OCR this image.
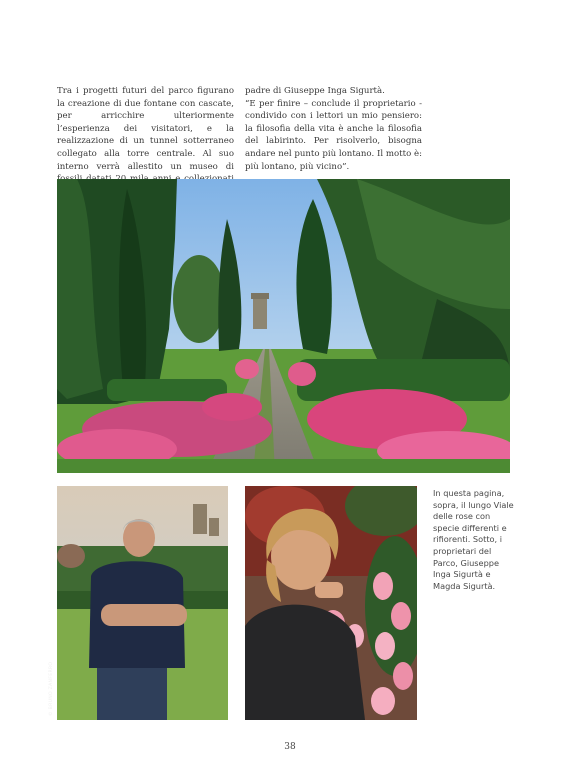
Tra i progetti futuri del parco figurano la creazione di due fontane con cascate, per arricchire ulteriormente l’esperienza dei visitatori, e la realizzazione di un tunnel sotterraneo collegato alla torre centrale. Al suo interno verrà allestito un museo di

padre di Giuseppe Inga Sigurtà.

“E per finire – conclude il proprietario - condivido con i lettori un mio pensiero: la filosofia della vita è anche la filosofia del labirinto. Per risolverlo, bisogna andare nel punto più lontano. Il motto è: più lontano, più vicino”.

© BRUNO ZANFERRO
In questa pagina, sopra, il lungo Viale delle rose con specie differenti e rifiorenti. Sotto, i proprietari del Parco, Giuseppe Inga Sigurtà e Magda Sigurtà.
38
